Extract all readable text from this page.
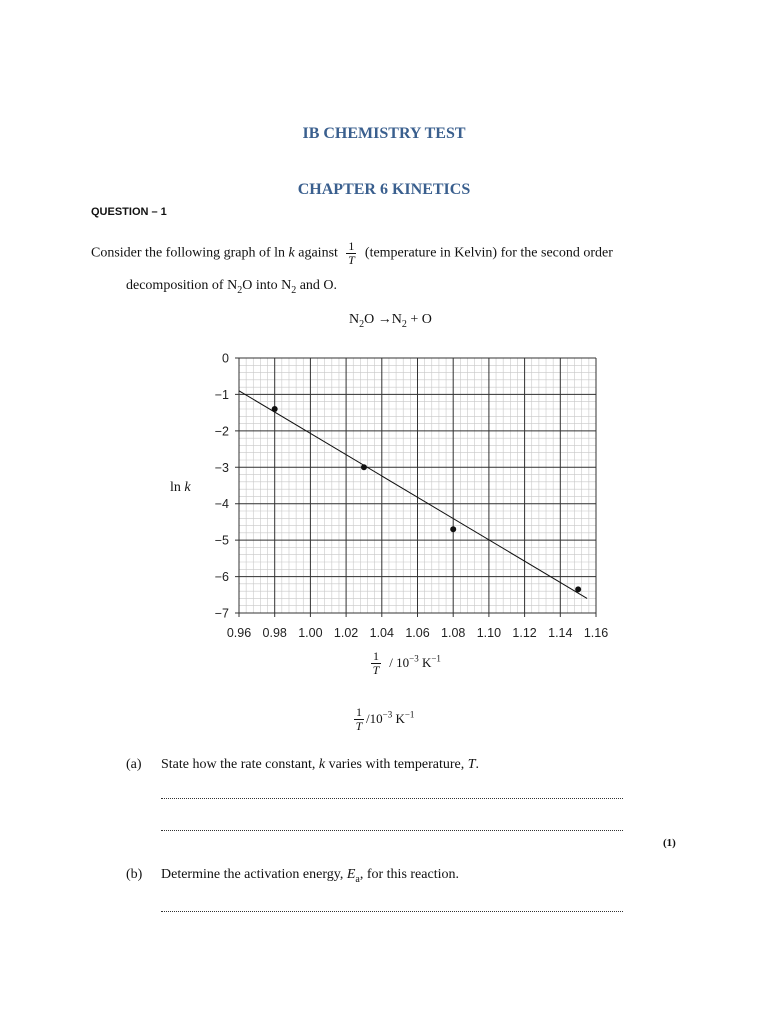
IB CHEMISTRY TEST
CHAPTER 6 KINETICS
QUESTION – 1
Consider the following graph of ln k against $\frac{1}{T}$ (temperature in Kelvin) for the second order
decomposition of $N_2O$ into $N_2$ and O.
$N_2O \to N_2 + O$
0.96 0.98 1.00 1.02 1.04 1.06 1.08 1.10 1.12 1.14 1.16
0
−1
−2
−3
−4
−5
−6
−7
ln k
$\frac{1}{T} / 10^{-3}$ $K^{-1}$
$\frac{1}{T} /10^{-3}$ $K^{-1}$
(a) State how the rate constant, k varies with temperature, T.
(1)
(b) Determine the activation energy, $E_a$, for this reaction.
